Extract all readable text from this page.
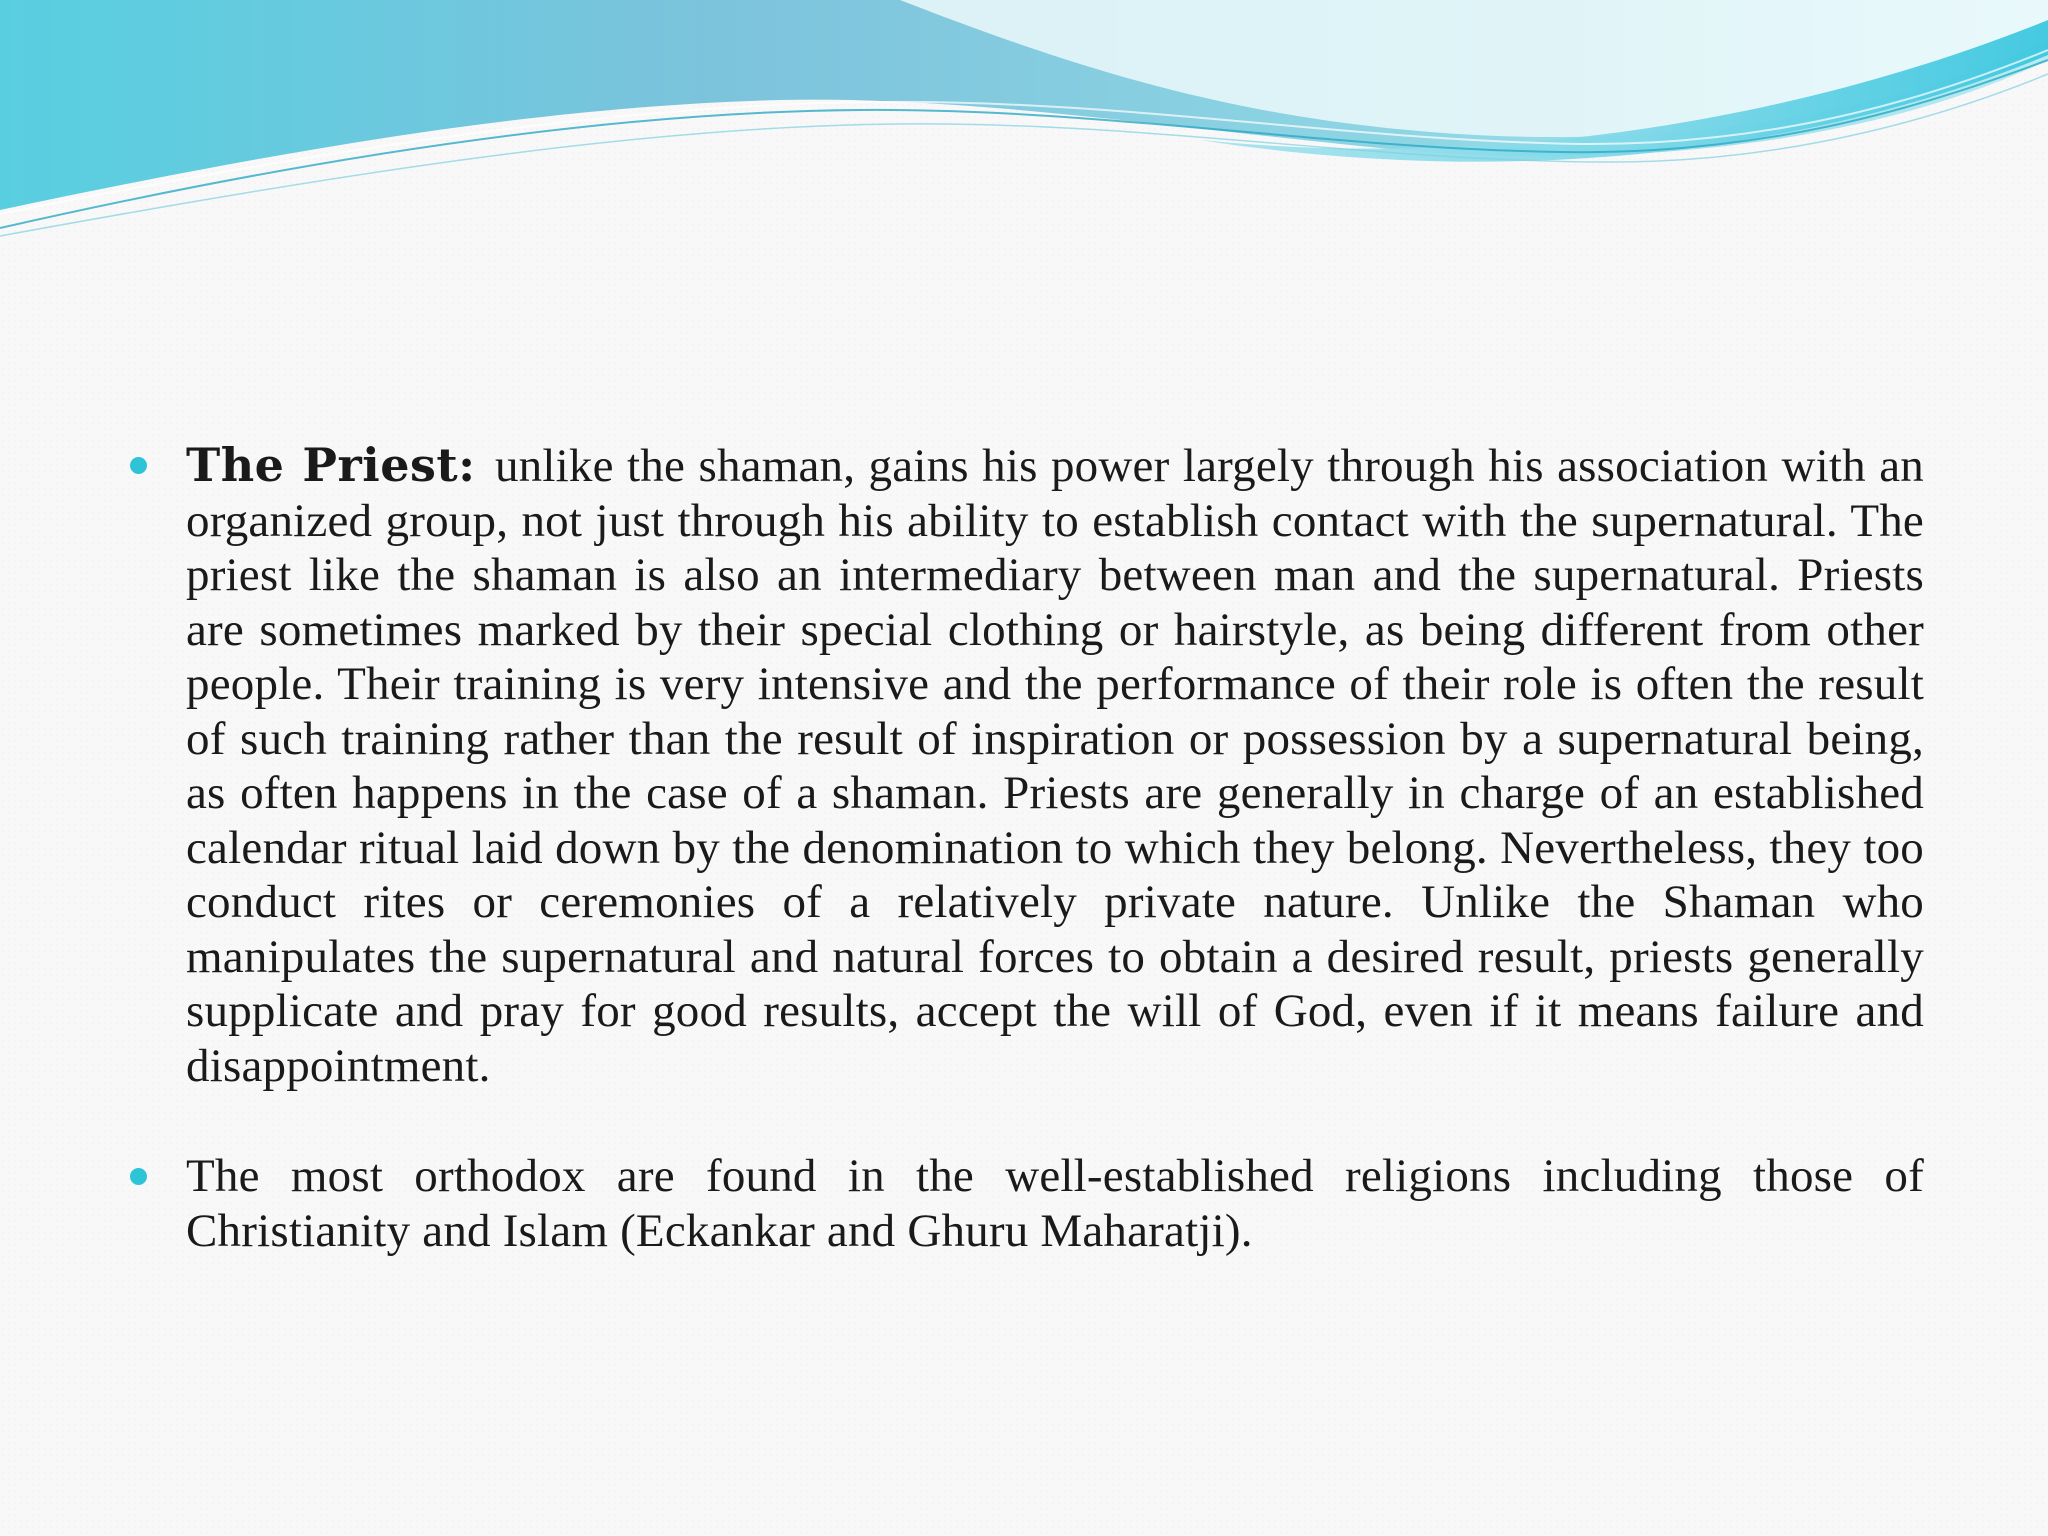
The Priest: unlike the shaman, gains his power largely through his association with an organized group, not just through his ability to establish contact with the supernatural. The priest like the shaman is also an intermediary between man and the supernatural. Priests are sometimes marked by their special clothing or hairstyle, as being different from other people. Their training is very intensive and the performance of their role is often the result of such training rather than the result of inspiration or possession by a supernatural being, as often happens in the case of a shaman. Priests are generally in charge of an established calendar ritual laid down by the denomination to which they belong. Nevertheless, they too conduct rites or ceremonies of a relatively private nature. Unlike the Shaman who manipulates the supernatural and natural forces to obtain a desired result, priests generally supplicate and pray for good results, accept the will of God, even if it means failure and disappointment.
The most orthodox are found in the well-established religions including those of Christianity and Islam (Eckankar and Ghuru Maharatji).
